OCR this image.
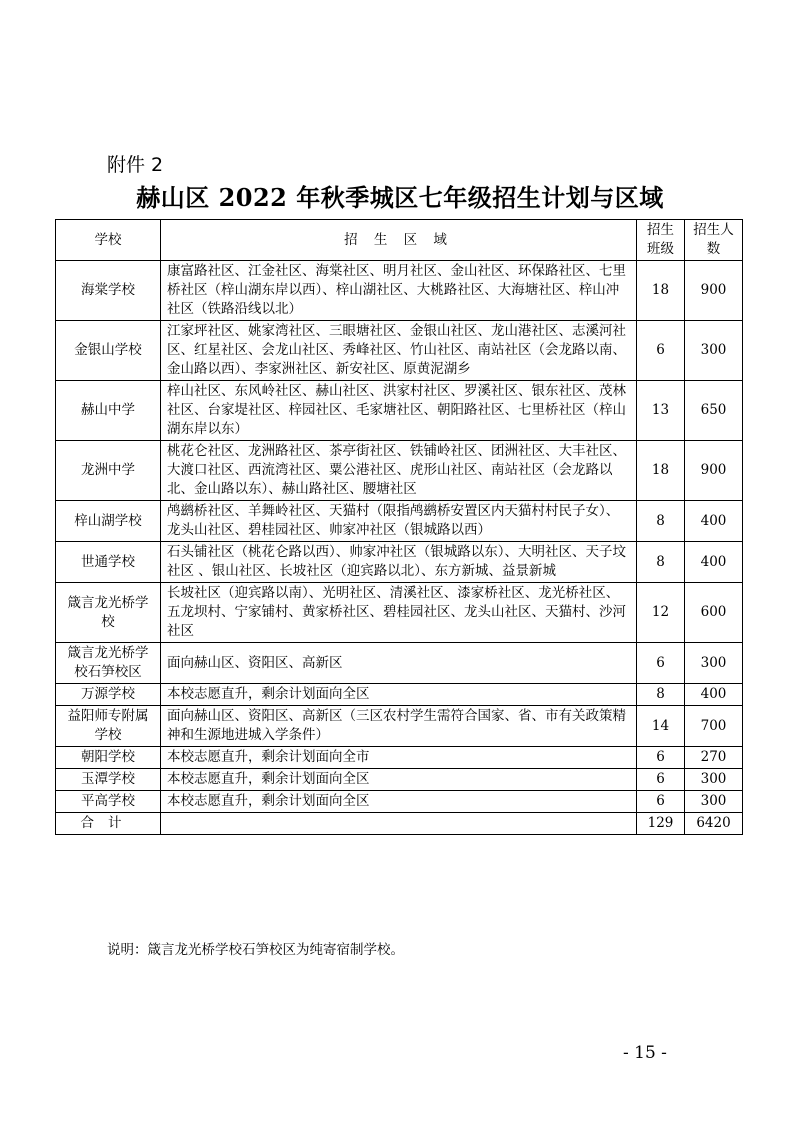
附件 2
赫山区 2022 年秋季城区七年级招生计划与区域
学校	招 生 区 域	招生班级	招生人数
海棠学校	康富路社区、江金社区、海棠社区、明月社区、金山社区、环保路社区、七里桥社区（梓山湖东岸以西）、梓山湖社区、大桃路社区、大海塘社区、梓山冲社区（铁路沿线以北）	18	900
金银山学校	江家坪社区、姚家湾社区、三眼塘社区、金银山社区、龙山港社区、志溪河社区、红星社区、会龙山社区、秀峰社区、竹山社区、南站社区（会龙路以南、金山路以西）、李家洲社区、新安社区、原黄泥湖乡	6	300
赫山中学	梓山社区、东风岭社区、赫山社区、洪家村社区、罗溪社区、银东社区、茂林社区、台家堤社区、梓园社区、毛家塘社区、朝阳路社区、七里桥社区（梓山湖东岸以东）	13	650
龙洲中学	桃花仑社区、龙洲路社区、茶亭街社区、铁铺岭社区、团洲社区、大丰社区、大渡口社区、西流湾社区、粟公港社区、虎形山社区、南站社区（会龙路以北、金山路以东）、赫山路社区、腰塘社区	18	900
梓山湖学校	鸬鹚桥社区、羊舞岭社区、天猫村（限指鸬鹚桥安置区内天猫村村民子女）、龙头山社区、碧桂园社区、帅家冲社区（银城路以西）	8	400
世通学校	石头铺社区（桃花仑路以西）、帅家冲社区（银城路以东）、大明社区、天子坟社区 、银山社区、长坡社区（迎宾路以北）、东方新城、益景新城	8	400
箴言龙光桥学校	长坡社区（迎宾路以南）、光明社区、清溪社区、漆家桥社区、龙光桥社区、五龙坝村、宁家铺村、黄家桥社区、碧桂园社区、龙头山社区、天猫村、沙河社区	12	600
箴言龙光桥学校石笋校区	面向赫山区、资阳区、高新区	6	300
万源学校	本校志愿直升，剩余计划面向全区	8	400
益阳师专附属学校	面向赫山区、资阳区、高新区（三区农村学生需符合国家、省、市有关政策精神和生源地进城入学条件）	14	700
朝阳学校	本校志愿直升，剩余计划面向全市	6	270
玉潭学校	本校志愿直升，剩余计划面向全区	6	300
平高学校	本校志愿直升，剩余计划面向全区	6	300
合计		129	6420
说明：箴言龙光桥学校石笋校区为纯寄宿制学校。
- 15 -
